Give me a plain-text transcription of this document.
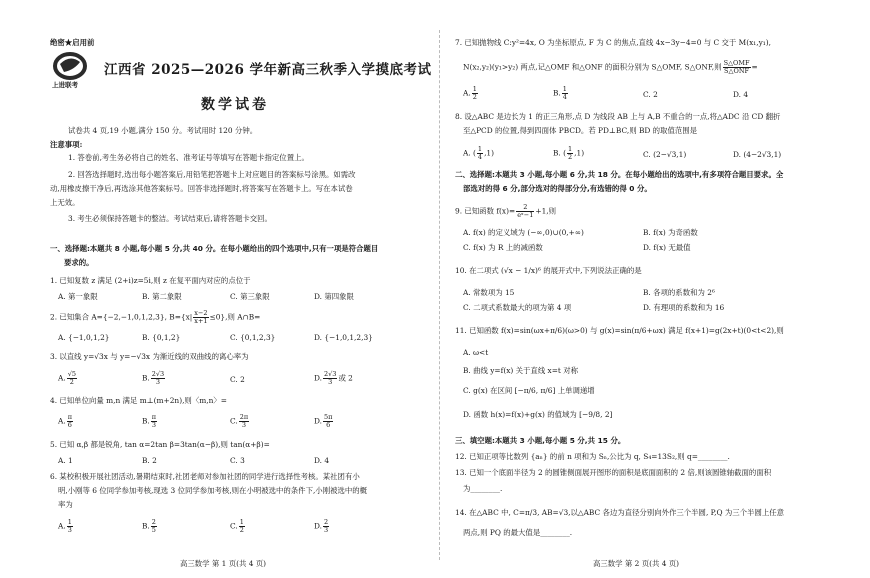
绝密★启用前
上进联考
江西省 2025—2026 学年新高三秋季入学摸底考试
数学试卷
试卷共 4 页,19 小题,满分 150 分。考试用时 120 分钟。
注意事项:
1. 答卷前,考生务必将自己的姓名、准考证号等填写在答题卡指定位置上。
2. 回答选择题时,选出每小题答案后,用铅笔把答题卡上对应题目的答案标号涂黑。如需改
动,用橡皮擦干净后,再选涂其他答案标号。回答非选择题时,将答案写在答题卡上。写在本试卷
上无效。
3. 考生必须保持答题卡的整洁。考试结束后,请将答题卡交回。
一、选择题:本题共 8 小题,每小题 5 分,共 40 分。在每小题给出的四个选项中,只有一项是符合题目
要求的。
1. 已知复数 z 满足 (2+i)z=5i,则 z 在复平面内对应的点位于
A. 第一象限	B. 第二象限	C. 第三象限	D. 第四象限
2. 已知集合 A={−2,−1,0,1,2,3}, $B=\{x| \frac{x-2}{x+1} \le 0\}$,则 A∩B=
A. {−1,0,1,2}	B. {0,1,2}	C. {0,1,2,3}	D. {−1,0,1,2,3}
3. 以直线 y=√3x 与 y=−√3x 为渐近线的双曲线的离心率为
A. $\frac{√5}{2}$	B. $\frac{2√3}{3}$	C. 2	D. $\frac{2√3}{3}$ 或 2
4. 已知单位向量 m,n 满足 m⊥(m+2n),则〈m,n〉=
A. $\frac{\pi}{6}$	B. $\frac{\pi}{3}$	C. $\frac{2\pi}{3}$	D. $\frac{5\pi}{6}$
5. 已知 α,β 都是锐角, tan α=2tan β=3tan(α−β),则 tan(α+β)=
A. 1	B. 2	C. 3	D. 4
6. 某校积极开展社团活动,暑期结束时,社团老师对参加社团的同学进行选择性考核。某社团有小
明,小刚等 6 位同学参加考核,现选 3 位同学参加考核,则在小明被选中的条件下,小刚被选中的概
率为
A. $\frac{1}{3}$	B. $\frac{2}{5}$	C. $\frac{1}{2}$	D. $\frac{2}{3}$
高三数学 第 1 页(共 4 页)
7. 已知抛物线 C:y²=4x, O 为坐标原点, F 为 C 的焦点,直线 4x−3y−4=0 与 C 交于 M(x₁,y₁),
N(x₂,y₂)(y₁>y₂) 两点,记△OMF 和△ONF 的面积分别为 S△OMF, S△ONF,则 $\frac{\text{S△OMF}}{\text{S△ONF}}$ =
A. $\frac{1}{2}$	B. $\frac{1}{4}$	C. 2	D. 4
8. 设△ABC 是边长为 1 的正三角形,点 D 为线段 AB 上与 A,B 不重合的一点,将△ADC 沿 CD 翻折
至△PCD 的位置,得到四面体 PBCD。若 PD⊥BC,则 BD 的取值范围是
A. ( $\frac{1}{4} ,1$)	B. ( $\frac{1}{2} ,1$)	C. (2−√3,1)	D. (4−2√3,1)
二、选择题:本题共 3 小题,每小题 6 分,共 18 分。在每小题给出的选项中,有多项符合题目要求。全
部选对的得 6 分,部分选对的得部分分,有选错的得 0 分。
9. 已知函数 $f(x)= \frac{2}{\text{eˣ−1}} +1$,则
A. f(x) 的定义域为 (−∞,0)∪(0,+∞)	B. f(x) 为奇函数
C. f(x) 为 R 上的减函数	D. f(x) 无最值
10. 在二项式 (√x − 1/x)⁶ 的展开式中,下列说法正确的是
A. 常数项为 15	B. 各项的系数和为 2⁶
C. 二项式系数最大的项为第 4 项	D. 有理项的系数和为 16
11. 已知函数 f(x)=sin(ωx+π/6)(ω>0) 与 g(x)=sin(π/6+ωx) 满足 f(x+1)=g(2x+t)(0<t<2),则
A. ω<t
B. 曲线 y=f(x) 关于直线 x=t 对称
C. g(x) 在区间 [−π/6, π/6] 上单调递增
D. 函数 h(x)=f(x)+g(x) 的值域为 [−9/8, 2]
三、填空题:本题共 3 小题,每小题 5 分,共 15 分。
12. 已知正项等比数列 {aₙ} 的前 n 项和为 Sₙ,公比为 q, S₄=13S₂,则 q=________.
13. 已知一个底面半径为 2 的圆锥侧面展开图形的面积是底面面积的 2 倍,则该圆锥轴截面的面积
为________.
14. 在△ABC 中, C=π/3, AB=√3,以△ABC 各边为直径分别向外作三个半圆, P,Q 为三个半圆上任意
两点,则 PQ 的最大值是________.
高三数学 第 2 页(共 4 页)
